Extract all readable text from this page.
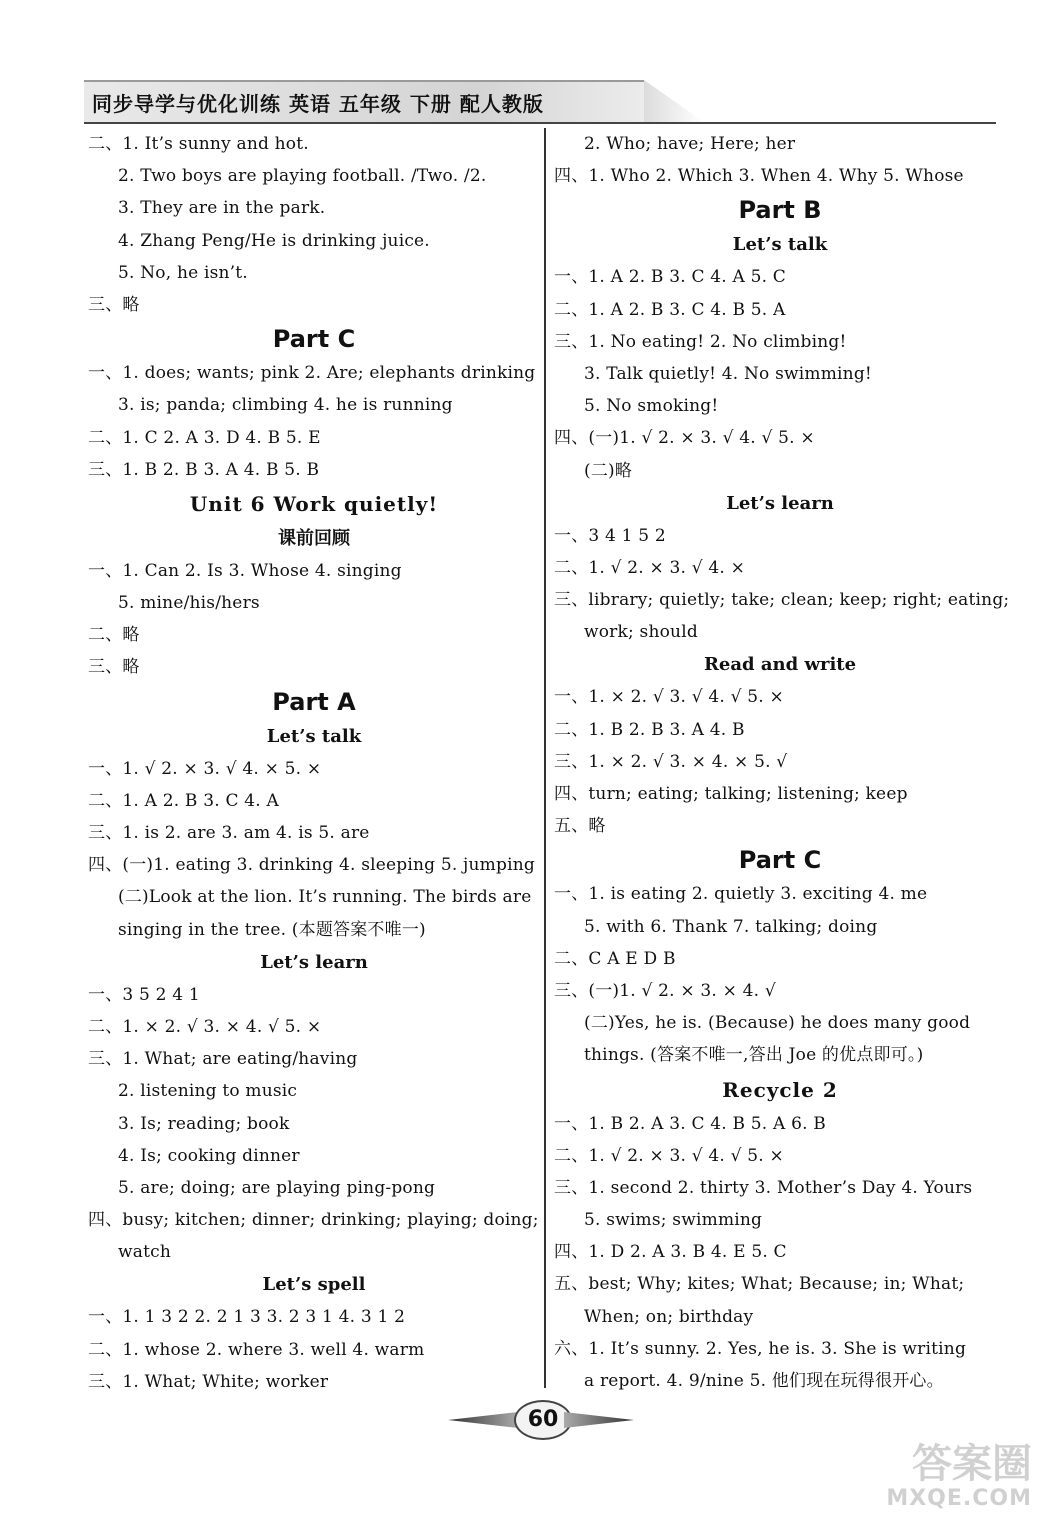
同步导学与优化训练 英语 五年级 下册 配人教版
二、1. It’s sunny and hot.
2. Two boys are playing football. /Two. /2.
3. They are in the park.
4. Zhang Peng/He is drinking juice.
5. No, he isn’t.
三、略
Part C
一、1. does; wants; pink 2. Are; elephants drinking
3. is; panda; climbing 4. he is running
二、1. C 2. A 3. D 4. B 5. E
三、1. B 2. B 3. A 4. B 5. B
Unit 6 Work quietly!
课前回顾
一、1. Can 2. Is 3. Whose 4. singing
5. mine/his/hers
二、略
三、略
Part A
Let’s talk
一、1. √ 2. × 3. √ 4. × 5. ×
二、1. A 2. B 3. C 4. A
三、1. is 2. are 3. am 4. is 5. are
四、(一)1. eating 3. drinking 4. sleeping 5. jumping
(二)Look at the lion. It’s running. The birds are
singing in the tree. (本题答案不唯一)
Let’s learn
一、3 5 2 4 1
二、1. × 2. √ 3. × 4. √ 5. ×
三、1. What; are eating/having
2. listening to music
3. Is; reading; book
4. Is; cooking dinner
5. are; doing; are playing ping-pong
四、busy; kitchen; dinner; drinking; playing; doing;
watch
Let’s spell
一、1. 1 3 2 2. 2 1 3 3. 2 3 1 4. 3 1 2
二、1. whose 2. where 3. well 4. warm
三、1. What; White; worker
2. Who; have; Here; her
四、1. Who 2. Which 3. When 4. Why 5. Whose
Part B
Let’s talk
一、1. A 2. B 3. C 4. A 5. C
二、1. A 2. B 3. C 4. B 5. A
三、1. No eating! 2. No climbing!
3. Talk quietly! 4. No swimming!
5. No smoking!
四、(一)1. √ 2. × 3. √ 4. √ 5. ×
(二)略
Let’s learn
一、3 4 1 5 2
二、1. √ 2. × 3. √ 4. ×
三、library; quietly; take; clean; keep; right; eating;
work; should
Read and write
一、1. × 2. √ 3. √ 4. √ 5. ×
二、1. B 2. B 3. A 4. B
三、1. × 2. √ 3. × 4. × 5. √
四、turn; eating; talking; listening; keep
五、略
Part C
一、1. is eating 2. quietly 3. exciting 4. me
5. with 6. Thank 7. talking; doing
二、C A E D B
三、(一)1. √ 2. × 3. × 4. √
(二)Yes, he is. (Because) he does many good
things. (答案不唯一,答出 Joe 的优点即可。)
Recycle 2
一、1. B 2. A 3. C 4. B 5. A 6. B
二、1. √ 2. × 3. √ 4. √ 5. ×
三、1. second 2. thirty 3. Mother’s Day 4. Yours
5. swims; swimming
四、1. D 2. A 3. B 4. E 5. C
五、best; Why; kites; What; Because; in; What;
When; on; birthday
六、1. It’s sunny. 2. Yes, he is. 3. She is writing
a report. 4. 9/nine 5. 他们现在玩得很开心。
60
答案圈
MXQE.COM
